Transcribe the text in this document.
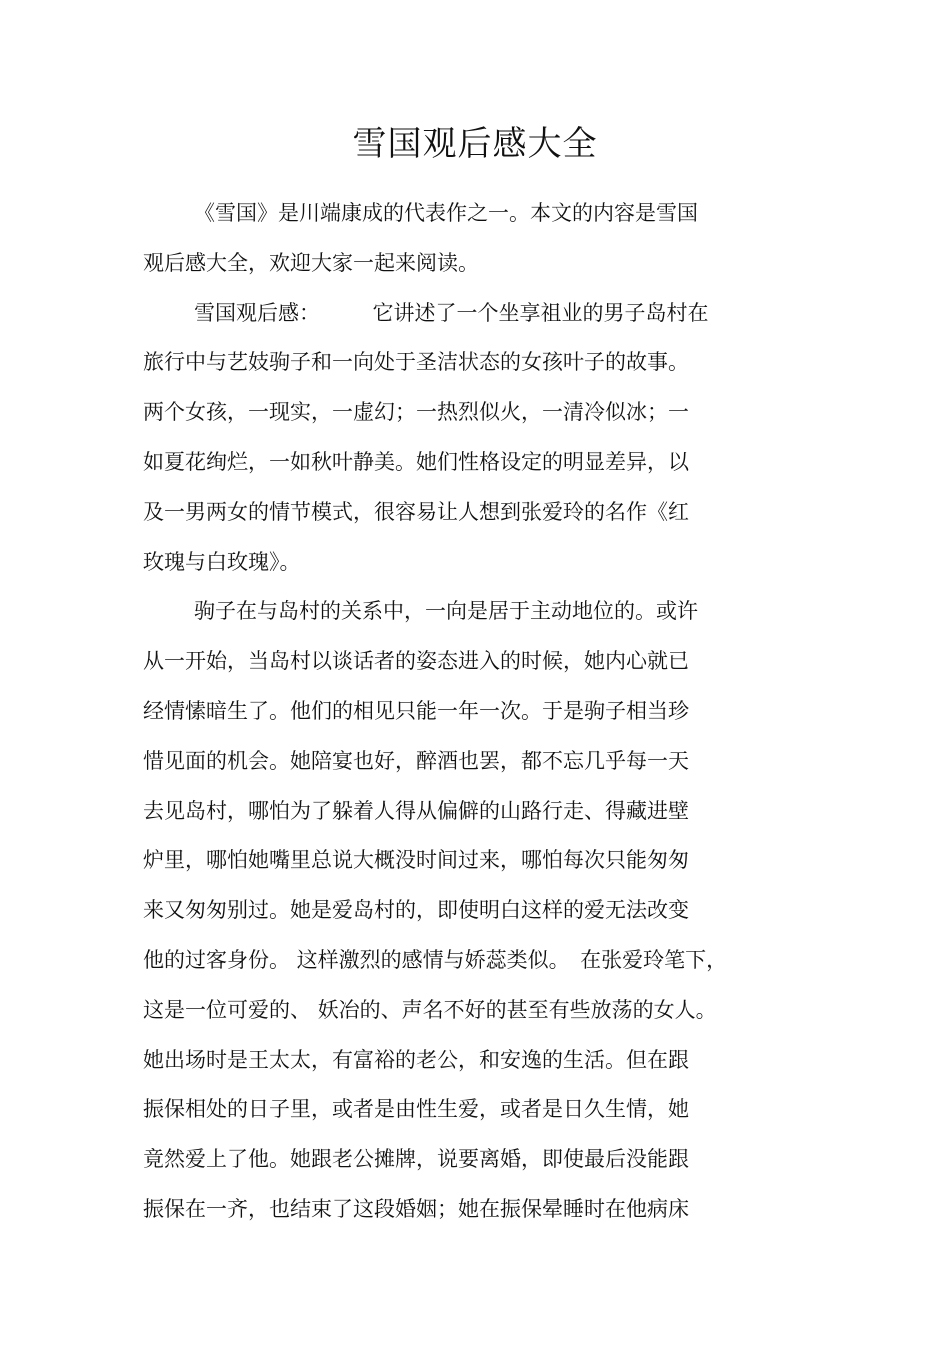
雪国观后感大全
《雪国》是川端康成的代表作之一。本文的内容是雪国
观后感大全，欢迎大家一起来阅读。
雪国观后感：　　　它讲述了一个坐享祖业的男子岛村在
旅行中与艺妓驹子和一向处于圣洁状态的女孩叶子的故事。
两个女孩，一现实，一虚幻；一热烈似火，一清冷似冰；一
如夏花绚烂，一如秋叶静美。她们性格设定的明显差异，以
及一男两女的情节模式，很容易让人想到张爱玲的名作《红
玫瑰与白玫瑰》。
驹子在与岛村的关系中，一向是居于主动地位的。或许
从一开始，当岛村以谈话者的姿态进入的时候，她内心就已
经情愫暗生了。他们的相见只能一年一次。于是驹子相当珍
惜见面的机会。她陪宴也好，醉酒也罢，都不忘几乎每一天
去见岛村，哪怕为了躲着人得从偏僻的山路行走、得藏进壁
炉里，哪怕她嘴里总说大概没时间过来，哪怕每次只能匆匆
来又匆匆别过。她是爱岛村的，即使明白这样的爱无法改变
他的过客身份。 这样激烈的感情与娇蕊类似。　在张爱玲笔下，
这是一位可爱的、 妖冶的、声名不好的甚至有些放荡的女人。
她出场时是王太太，有富裕的老公，和安逸的生活。但在跟
振保相处的日子里，或者是由性生爱，或者是日久生情，她
竟然爱上了他。她跟老公摊牌，说要离婚，即使最后没能跟
振保在一齐，也结束了这段婚姻；她在振保晕睡时在他病床
